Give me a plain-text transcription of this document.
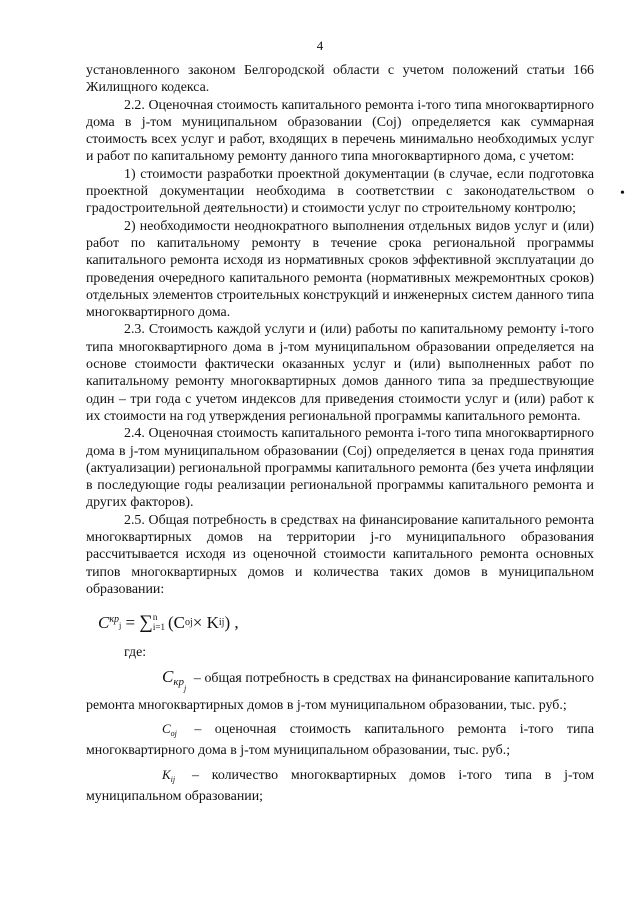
4
•

установленного законом Белгородской области с учетом положений статьи 166 Жилищного кодекса.

2.2. Оценочная стоимость капитального ремонта i-того типа многоквартирного дома в j-том муниципальном образовании (Coj) определяется как суммарная стоимость всех услуг и работ, входящих в перечень минимально необходимых услуг и работ по капитальному ремонту данного типа многоквартирного дома, с учетом:

1) стоимости разработки проектной документации (в случае, если подготовка проектной документации необходима в соответствии с законодательством о градостроительной деятельности) и стоимости услуг по строительному контролю;

2) необходимости неоднократного выполнения отдельных видов услуг и (или) работ по капитальному ремонту в течение срока региональной программы капитального ремонта исходя из нормативных сроков эффективной эксплуатации до проведения очередного капитального ремонта (нормативных межремонтных сроков) отдельных элементов строительных конструкций и инженерных систем данного типа многоквартирного дома.

2.3. Стоимость каждой услуги и (или) работы по капитальному ремонту i-того типа многоквартирного дома в j-том муниципальном образовании определяется на основе стоимости фактически оказанных услуг и (или) выполненных работ по капитальному ремонту многоквартирных домов данного типа за предшествующие один – три года с учетом индексов для приведения стоимости услуг и (или) работ к их стоимости на год утверждения региональной программы капитального ремонта.

2.4. Оценочная стоимость капитального ремонта i-того типа многоквартирного дома в j-том муниципальном образовании (Coj) определяется в ценах года принятия (актуализации) региональной программы капитального ремонта (без учета инфляции в последующие годы реализации региональной программы капитального ремонта и других факторов).

2.5. Общая потребность в средствах на финансирование капитального ремонта многоквартирных домов на территории j-го муниципального образования рассчитывается исходя из оценочной стоимости капитального ремонта основных типов многоквартирных домов и количества таких домов в муниципальном образовании:

C $кр_j$
=
∑ n
i=1 (C oj × K ij ) ,

где:

$C_{кр_j}$ – общая потребность в средствах на финансирование капитального ремонта многоквартирных домов в j-том муниципальном образовании, тыс. руб.;

$C_{oj}$ – оценочная стоимость капитального ремонта i-того типа многоквартирного дома в j-том муниципальном образовании, тыс. руб.;

$K_{ij}$ – количество многоквартирных домов i-того типа в j-том муниципальном образовании;
